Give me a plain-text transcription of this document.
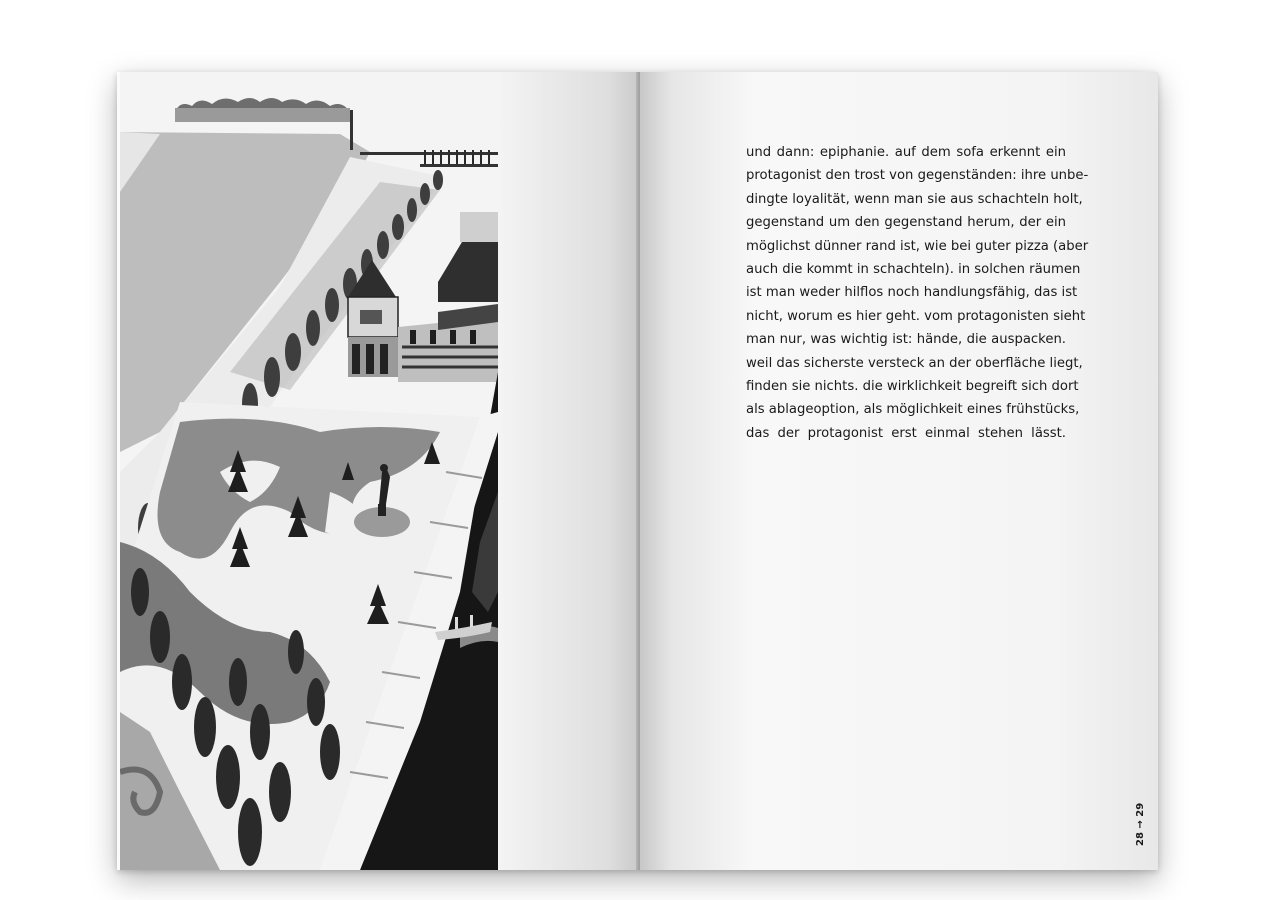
und dann: epiphanie. auf dem sofa erkennt ein
protagonist den trost von gegenständen: ihre unbe-
dingte loyalität, wenn man sie aus schachteln holt,
gegenstand um den gegenstand herum, der ein
möglichst dünner rand ist, wie bei guter pizza (aber
auch die kommt in schachteln). in solchen räumen
ist man weder hilflos noch handlungsfähig, das ist
nicht, worum es hier geht. vom protagonisten sieht
man nur, was wichtig ist: hände, die auspacken.
weil das sicherste versteck an der oberfläche liegt,
finden sie nichts. die wirklichkeit begreift sich dort
als ablageoption, als möglichkeit eines frühstücks,
das der protagonist erst einmal stehen lässt.
28 → 29
